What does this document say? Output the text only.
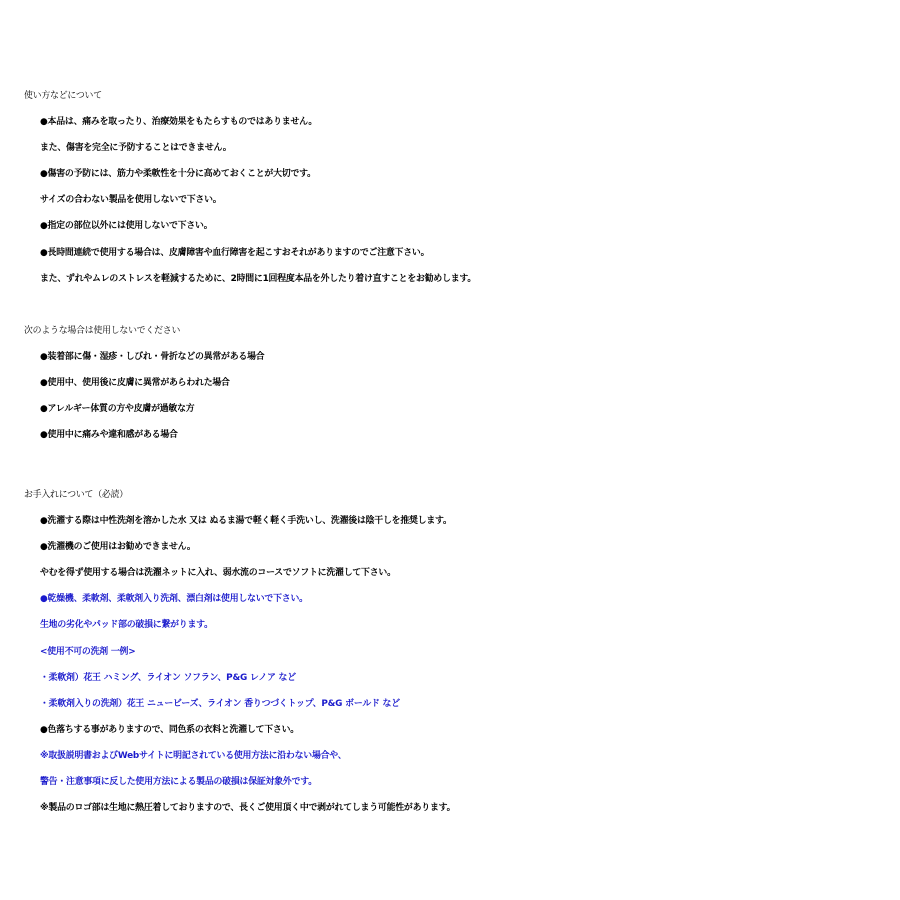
使い方などについて
●本品は、痛みを取ったり、治療効果をもたらすものではありません。
また、傷害を完全に予防することはできません。
●傷害の予防には、筋力や柔軟性を十分に高めておくことが大切です。
サイズの合わない製品を使用しないで下さい。
●指定の部位以外には使用しないで下さい。
●長時間連続で使用する場合は、皮膚障害や血行障害を起こすおそれがありますのでご注意下さい。
また、ずれやムレのストレスを軽減するために、2時間に1回程度本品を外したり着け直すことをお勧めします。
次のような場合は使用しないでください
●装着部に傷・湿疹・しびれ・骨折などの異常がある場合
●使用中、使用後に皮膚に異常があらわれた場合
●アレルギー体質の方や皮膚が過敏な方
●使用中に痛みや違和感がある場合
お手入れについて（必読）
●洗濯する際は中性洗剤を溶かした水 又は ぬるま湯で軽く軽く手洗いし、洗濯後は陰干しを推奨します。
●洗濯機のご使用はお勧めできません。
やむを得ず使用する場合は洗濯ネットに入れ、弱水流のコースでソフトに洗濯して下さい。
●乾燥機、柔軟剤、柔軟剤入り洗剤、漂白剤は使用しないで下さい。
生地の劣化やパッド部の破損に繋がります。
<使用不可の洗剤 一例>
・柔軟剤）花王 ハミング、ライオン ソフラン、P&G レノア など
・柔軟剤入りの洗剤）花王 ニュービーズ、ライオン 香りつづくトップ、P&G ボールド など
●色落ちする事がありますので、同色系の衣料と洗濯して下さい。
※取扱説明書およびWebサイトに明記されている使用方法に沿わない場合や、
警告・注意事項に反した使用方法による製品の破損は保証対象外です。
※製品のロゴ部は生地に熱圧着しておりますので、長くご使用頂く中で剥がれてしまう可能性があります。
